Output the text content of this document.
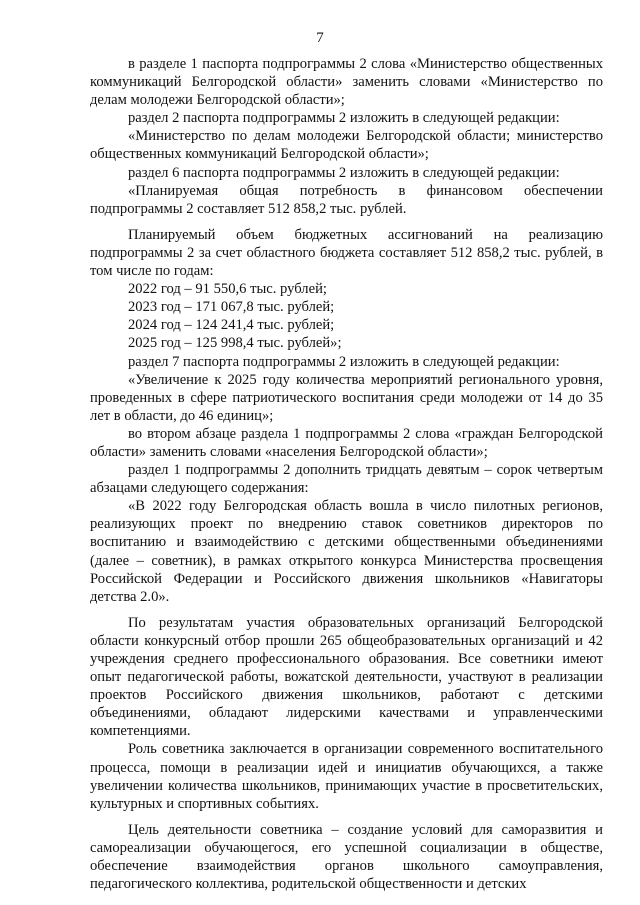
7

в разделе 1 паспорта подпрограммы 2 слова «Министерство общественных коммуникаций Белгородской области» заменить словами «Министерство по делам молодежи Белгородской области»;

раздел 2 паспорта подпрограммы 2 изложить в следующей редакции:

«Министерство по делам молодежи Белгородской области; министерство общественных коммуникаций Белгородской области»;

раздел 6 паспорта подпрограммы 2 изложить в следующей редакции:

«Планируемая общая потребность в финансовом обеспечении подпрограммы 2 составляет 512 858,2 тыс. рублей.

Планируемый объем бюджетных ассигнований на реализацию подпрограммы 2 за счет областного бюджета составляет 512 858,2 тыс. рублей, в том числе по годам:

2022 год – 91 550,6 тыс. рублей;

2023 год – 171 067,8 тыс. рублей;

2024 год – 124 241,4 тыс. рублей;

2025 год – 125 998,4 тыс. рублей»;

раздел 7 паспорта подпрограммы 2 изложить в следующей редакции:

«Увеличение к 2025 году количества мероприятий регионального уровня, проведенных в сфере патриотического воспитания среди молодежи от 14 до 35 лет в области, до 46 единиц»;

во втором абзаце раздела 1 подпрограммы 2 слова «граждан Белгородской области» заменить словами «населения Белгородской области»;

раздел 1 подпрограммы 2 дополнить тридцать девятым – сорок четвертым абзацами следующего содержания:

«В 2022 году Белгородская область вошла в число пилотных регионов, реализующих проект по внедрению ставок советников директоров по воспитанию и взаимодействию с детскими общественными объединениями (далее – советник), в рамках открытого конкурса Министерства просвещения Российской Федерации и Российского движения школьников «Навигаторы детства 2.0».

По результатам участия образовательных организаций Белгородской области конкурсный отбор прошли 265 общеобразовательных организаций и 42 учреждения среднего профессионального образования. Все советники имеют опыт педагогической работы, вожатской деятельности, участвуют в реализации проектов Российского движения школьников, работают с детскими объединениями, обладают лидерскими качествами и управленческими компетенциями.

Роль советника заключается в организации современного воспитательного процесса, помощи в реализации идей и инициатив обучающихся, а также увеличении количества школьников, принимающих участие в просветительских, культурных и спортивных событиях.

Цель деятельности советника – создание условий для саморазвития и самореализации обучающегося, его успешной социализации в обществе, обеспечение взаимодействия органов школьного самоуправления, педагогического коллектива, родительской общественности и детских
